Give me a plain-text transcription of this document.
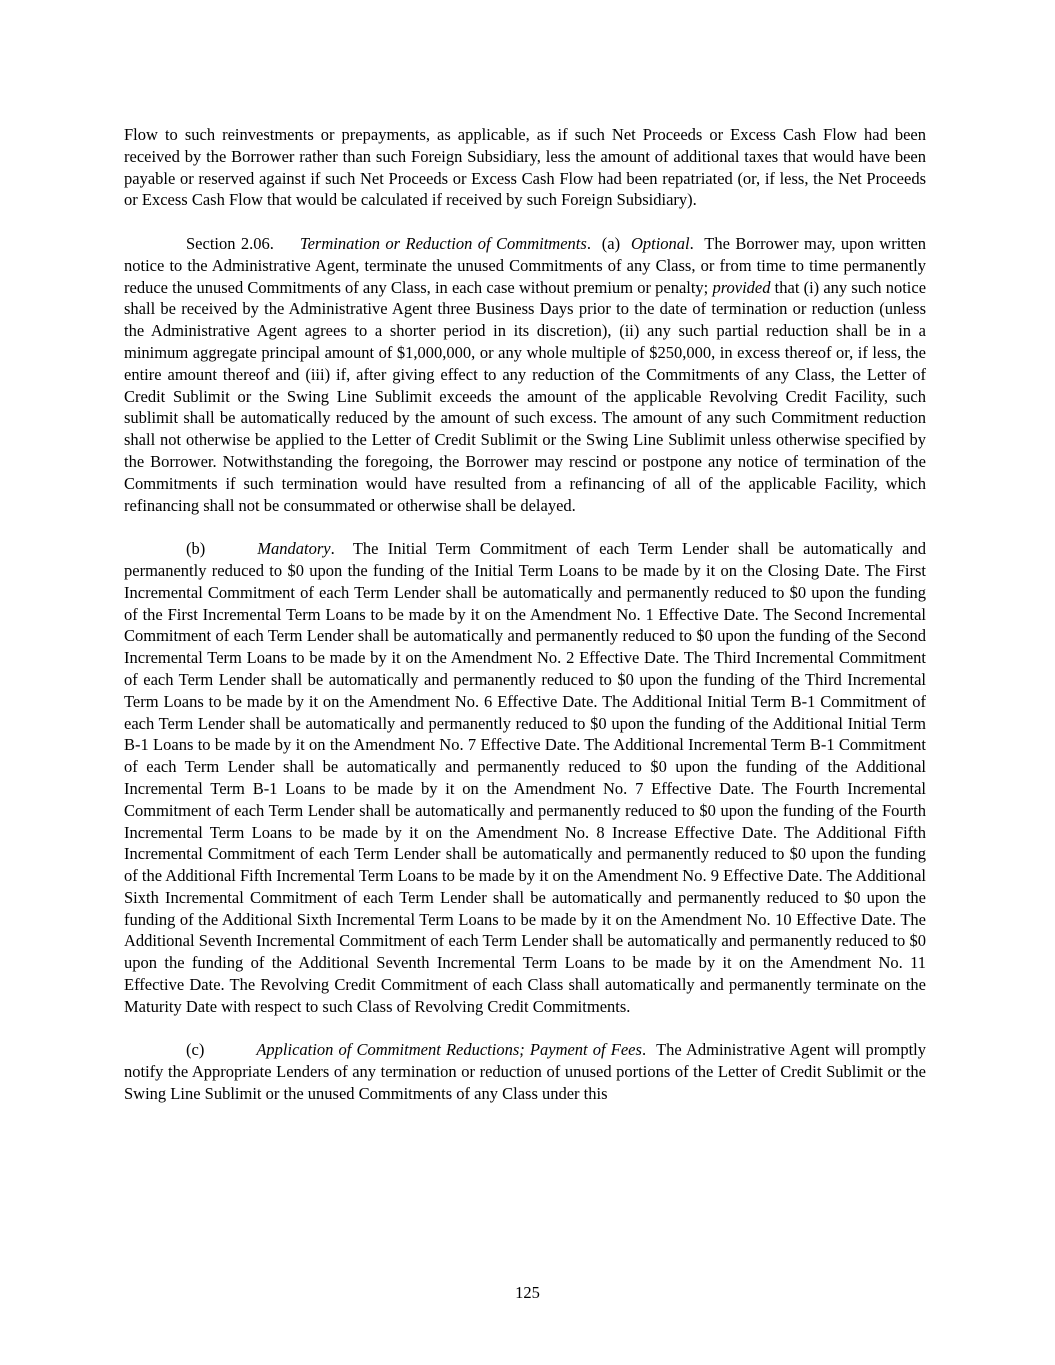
Flow to such reinvestments or prepayments, as applicable, as if such Net Proceeds or Excess Cash Flow had been received by the Borrower rather than such Foreign Subsidiary, less the amount of additional taxes that would have been payable or reserved against if such Net Proceeds or Excess Cash Flow had been repatriated (or, if less, the Net Proceeds or Excess Cash Flow that would be calculated if received by such Foreign Subsidiary).

Section 2.06. Termination or Reduction of Commitments.  (a) Optional.  The Borrower may, upon written notice to the Administrative Agent, terminate the unused Commitments of any Class, or from time to time permanently reduce the unused Commitments of any Class, in each case without premium or penalty; provided that (i) any such notice shall be received by the Administrative Agent three Business Days prior to the date of termination or reduction (unless the Administrative Agent agrees to a shorter period in its discretion), (ii) any such partial reduction shall be in a minimum aggregate principal amount of $1,000,000, or any whole multiple of $250,000, in excess thereof or, if less, the entire amount thereof and (iii) if, after giving effect to any reduction of the Commitments of any Class, the Letter of Credit Sublimit or the Swing Line Sublimit exceeds the amount of the applicable Revolving Credit Facility, such sublimit shall be automatically reduced by the amount of such excess. The amount of any such Commitment reduction shall not otherwise be applied to the Letter of Credit Sublimit or the Swing Line Sublimit unless otherwise specified by the Borrower. Notwithstanding the foregoing, the Borrower may rescind or postpone any notice of termination of the Commitments if such termination would have resulted from a refinancing of all of the applicable Facility, which refinancing shall not be consummated or otherwise shall be delayed.

(b)	Mandatory.  The Initial Term Commitment of each Term Lender shall be automatically and permanently reduced to $0 upon the funding of the Initial Term Loans to be made by it on the Closing Date. The First Incremental Commitment of each Term Lender shall be automatically and permanently reduced to $0 upon the funding of the First Incremental Term Loans to be made by it on the Amendment No. 1 Effective Date. The Second Incremental Commitment of each Term Lender shall be automatically and permanently reduced to $0 upon the funding of the Second Incremental Term Loans to be made by it on the Amendment No. 2 Effective Date. The Third Incremental Commitment of each Term Lender shall be automatically and permanently reduced to $0 upon the funding of the Third Incremental Term Loans to be made by it on the Amendment No. 6 Effective Date. The Additional Initial Term B-1 Commitment of each Term Lender shall be automatically and permanently reduced to $0 upon the funding of the Additional Initial Term B-1 Loans to be made by it on the Amendment No. 7 Effective Date. The Additional Incremental Term B-1 Commitment of each Term Lender shall be automatically and permanently reduced to $0 upon the funding of the Additional Incremental Term B-1 Loans to be made by it on the Amendment No. 7 Effective Date. The Fourth Incremental Commitment of each Term Lender shall be automatically and permanently reduced to $0 upon the funding of the Fourth Incremental Term Loans to be made by it on the Amendment No. 8 Increase Effective Date. The Additional Fifth Incremental Commitment of each Term Lender shall be automatically and permanently reduced to $0 upon the funding of the Additional Fifth Incremental Term Loans to be made by it on the Amendment No. 9 Effective Date. The Additional Sixth Incremental Commitment of each Term Lender shall be automatically and permanently reduced to $0 upon the funding of the Additional Sixth Incremental Term Loans to be made by it on the Amendment No. 10 Effective Date. The Additional Seventh Incremental Commitment of each Term Lender shall be automatically and permanently reduced to $0 upon the funding of the Additional Seventh Incremental Term Loans to be made by it on the Amendment No. 11 Effective Date. The Revolving Credit Commitment of each Class shall automatically and permanently terminate on the Maturity Date with respect to such Class of Revolving Credit Commitments.

(c)	Application of Commitment Reductions; Payment of Fees.  The Administrative Agent will promptly notify the Appropriate Lenders of any termination or reduction of unused portions of the Letter of Credit Sublimit or the Swing Line Sublimit or the unused Commitments of any Class under this

125
